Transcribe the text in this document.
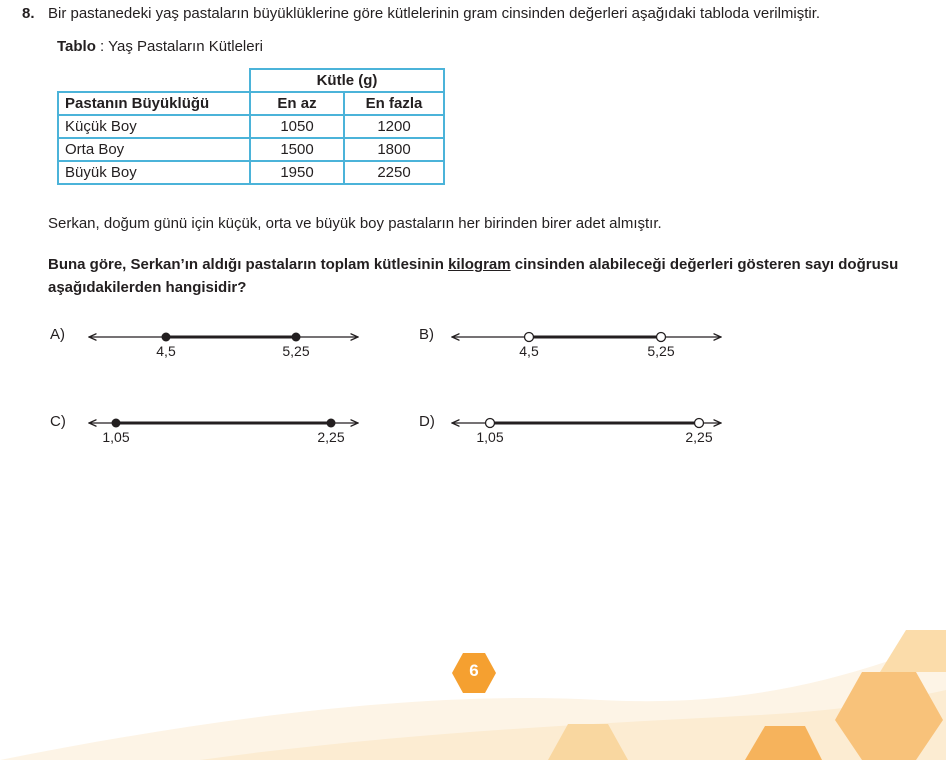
8. Bir pastanedeki yaş pastaların büyüklüklerine göre kütlelerinin gram cinsinden değerleri aşağıdaki tabloda verilmiştir.
Tablo : Yaş Pastaların Kütleleri
	Kütle (g)	
Pastanın Büyüklüğü	En az	En fazla
Küçük Boy	1050	1200
Orta Boy	1500	1800
Büyük Boy	1950	2250
Serkan, doğum günü için küçük, orta ve büyük boy pastaların her birinden birer adet almıştır.
Buna göre, Serkan’ın aldığı pastaların toplam kütlesinin kilogram cinsinden alabileceği değerleri gösteren sayı doğrusu aşağıdakilerden hangisidir?
A)	B)
C)	D)
4,5	5,25	4,5	5,25
1,05	2,25	1,05	2,25
6
